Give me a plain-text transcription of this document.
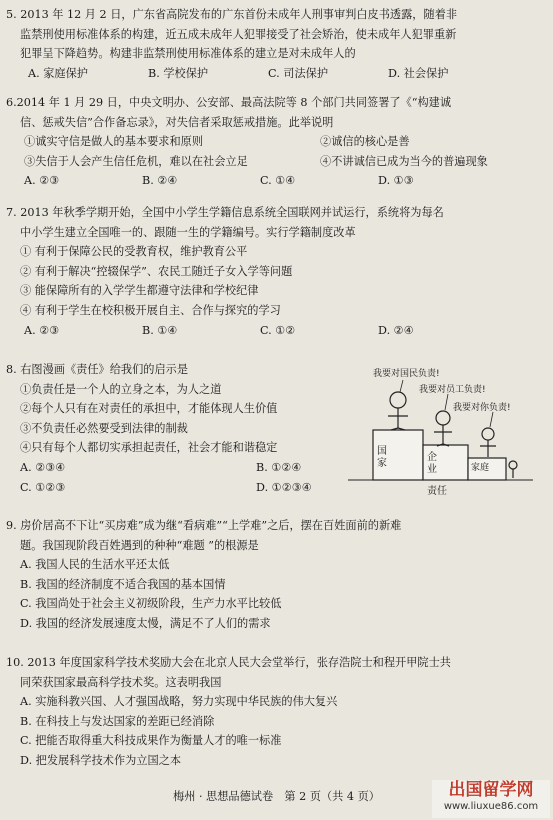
5. 2013 年 12 月 2 日，广东省高院发布的广东首份未成年人刑事审判白皮书透露，随着非

监禁刑使用标准体系的构建，近五成未成年人犯罪接受了社会矫治，使未成年人犯罪重新

犯罪呈下降趋势。构建非监禁刑使用标准体系的建立是对未成年人的

A. 家庭保护	B. 学校保护	C. 司法保护	D. 社会保护

6.2014 年 1 月 29 日，中央文明办、公安部、最高法院等 8 个部门共同签署了《“构建诚

信、惩戒失信”合作备忘录》，对失信者采取惩戒措施。此举说明

①诚实守信是做人的基本要求和原则	②诚信的核心是善
③失信于人会产生信任危机，难以在社会立足	④不讲诚信已成为当今的普遍现象
A. ②③	B. ②④	C. ①④	D. ①③

7. 2013 年秋季学期开始，全国中小学生学籍信息系统全国联网并试运行，系统将为每名

中小学生建立全国唯一的、跟随一生的学籍编号。实行学籍制度改革

① 有利于保障公民的受教育权，维护教育公平

② 有利于解决“控辍保学”、农民工随迁子女入学等问题

③ 能保障所有的入学学生都遵守法律和学校纪律

④ 有利于学生在校积极开展自主、合作与探究的学习

A. ②③	B. ①④	C. ①②	D. ②④

8. 右图漫画《责任》给我们的启示是

①负责任是一个人的立身之本，为人之道

②每个人只有在对责任的承担中，才能体现人生价值

③不负责任必然要受到法律的制裁

④只有每个人都切实承担起责任，社会才能和谐稳定

A. ②③④	B. ①②④
C. ①②③	D. ①②③④
我要对国民负责!
我要对员工负责!
我要对你负责!
国家
企业	家庭
责任

9. 房价居高不下让“买房难”成为继“看病难”“上学难”之后，摆在百姓面前的新难

题。我国现阶段百姓遇到的种种“难题 ”的根源是

A. 我国人民的生活水平还太低

B. 我国的经济制度不适合我国的基本国情

C. 我国尚处于社会主义初级阶段，生产力水平比较低

D. 我国的经济发展速度太慢，满足不了人们的需求

10. 2013 年度国家科学技术奖励大会在北京人民大会堂举行，张存浩院士和程开甲院士共

同荣获国家最高科学技术奖。这表明我国

A. 实施科教兴国、人才强国战略，努力实现中华民族的伟大复兴

B. 在科技上与发达国家的差距已经消除

C. 把能否取得重大科技成果作为衡量人才的唯一标准

D. 把发展科学技术作为立国之本

梅州 · 思想品德试卷　第 2 页（共 4 页）	出国留学网
www.liuxue86.com
